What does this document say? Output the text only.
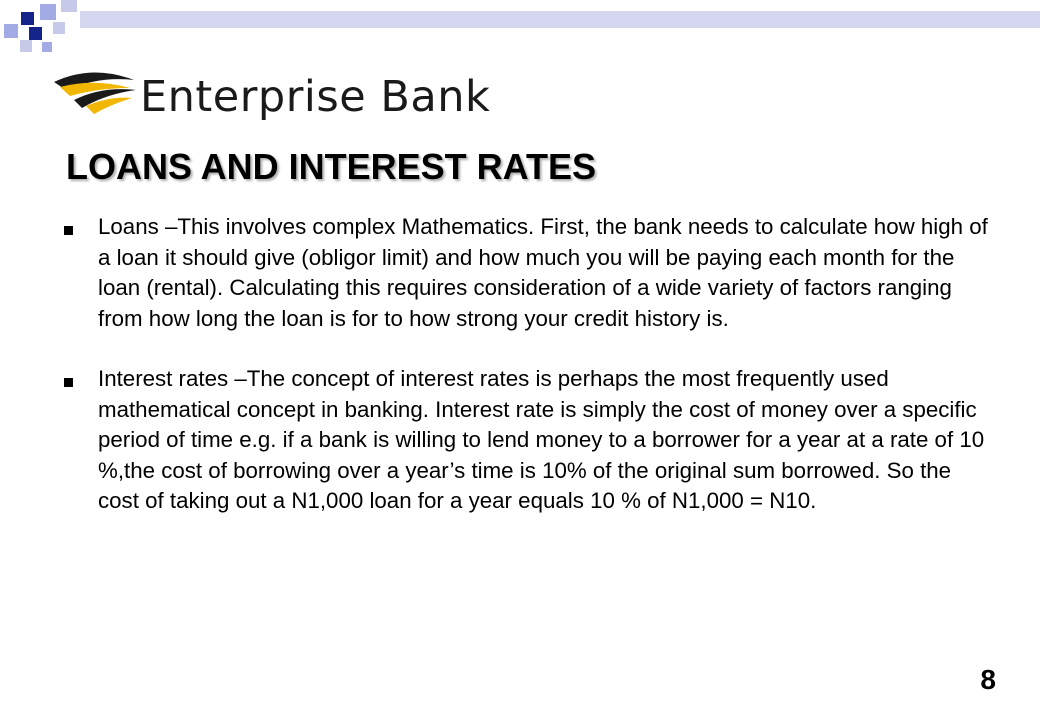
Enterprise Bank
LOANS AND INTEREST RATES
Loans –This involves complex Mathematics. First, the bank needs to calculate how high of a loan it should give (obligor limit) and how much you will be paying each month for the loan (rental). Calculating this requires consideration of a wide variety of factors ranging from how long the loan is for to how strong your credit history is.
Interest rates –The concept of interest rates is perhaps the most frequently used mathematical concept in banking. Interest rate is simply the cost of money over a specific period of time e.g. if a bank is willing to lend money to a borrower for a year at a rate of 10 %,the cost of borrowing over a year’s time is 10% of the original sum borrowed. So the cost of taking out a N1,000 loan for a year equals 10 % of N1,000 = N10.
8
